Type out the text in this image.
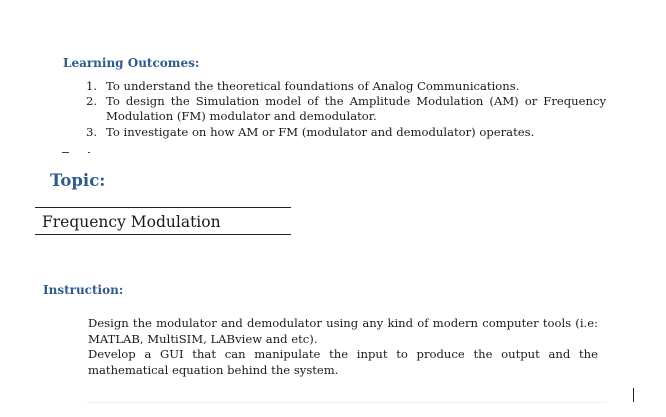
Learning Outcomes:
1. To understand the theoretical foundations of Analog Communications.
2. To design the Simulation model of the Amplitude Modulation (AM) or Frequency Modulation (FM) modulator and demodulator.
3. To investigate on how AM or FM (modulator and demodulator) operates.
Topic:
Frequency Modulation
Instruction:

Design the modulator and demodulator using any kind of modern computer tools (i.e: MATLAB, MultiSIM, LABview and etc).

Develop a GUI that can manipulate the input to produce the output and the mathematical equation behind the system.
